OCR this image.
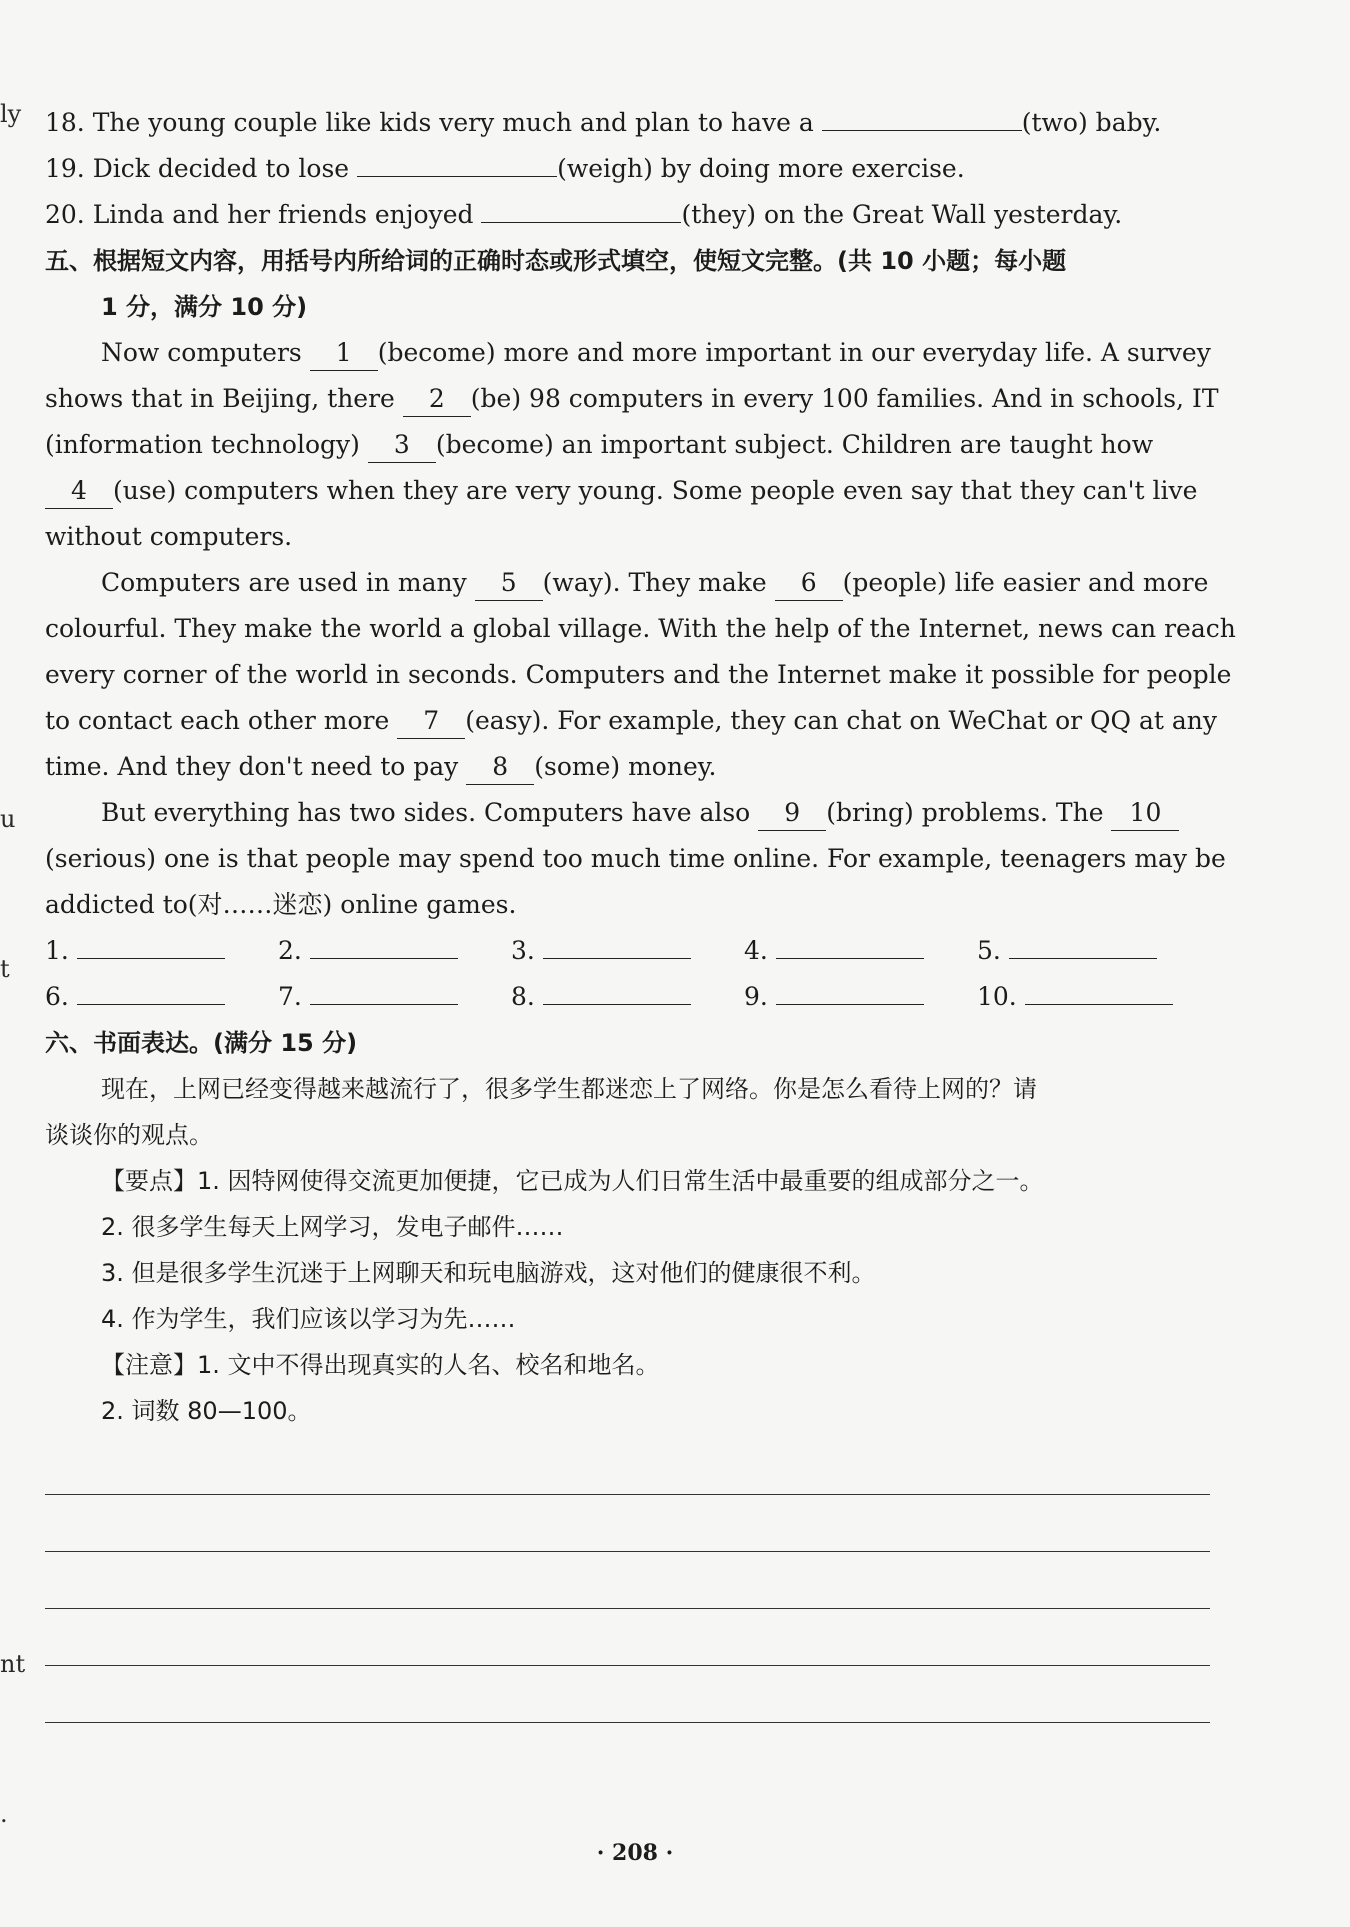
ly
u
t
nt
.
18. The young couple like kids very much and plan to have a	(two) baby.
19. Dick decided to lose	(weigh) by doing more exercise.
20. Linda and her friends enjoyed	(they) on the Great Wall yesterday.
五、根据短文内容，用括号内所给词的正确时态或形式填空，使短文完整。(共 10 小题；每小题
1 分，满分 10 分)
Now computers 1 (become) more and more important in our everyday life. A survey
shows that in Beijing, there 2 (be) 98 computers in every 100 families. And in schools, IT
(information technology) 3 (become) an important subject. Children are taught how
4 (use) computers when they are very young. Some people even say that they can't live
without computers.
Computers are used in many 5 (way). They make 6 (people) life easier and more
colourful. They make the world a global village. With the help of the Internet, news can reach
every corner of the world in seconds. Computers and the Internet make it possible for people
to contact each other more 7 (easy). For example, they can chat on WeChat or QQ at any
time. And they don't need to pay 8 (some) money.
But everything has two sides. Computers have also 9 (bring) problems. The 10
(serious) one is that people may spend too much time online. For example, teenagers may be
addicted to(对……迷恋) online games.
1.	2.	3.	4.	5.
6.	7.	8.	9.	10.
六、书面表达。(满分 15 分)
现在，上网已经变得越来越流行了，很多学生都迷恋上了网络。你是怎么看待上网的？请
谈谈你的观点。
【要点】1. 因特网使得交流更加便捷，它已成为人们日常生活中最重要的组成部分之一。
2. 很多学生每天上网学习，发电子邮件……
3. 但是很多学生沉迷于上网聊天和玩电脑游戏，这对他们的健康很不利。
4. 作为学生，我们应该以学习为先……
【注意】1. 文中不得出现真实的人名、校名和地名。
2. 词数 80—100。
· 208 ·
